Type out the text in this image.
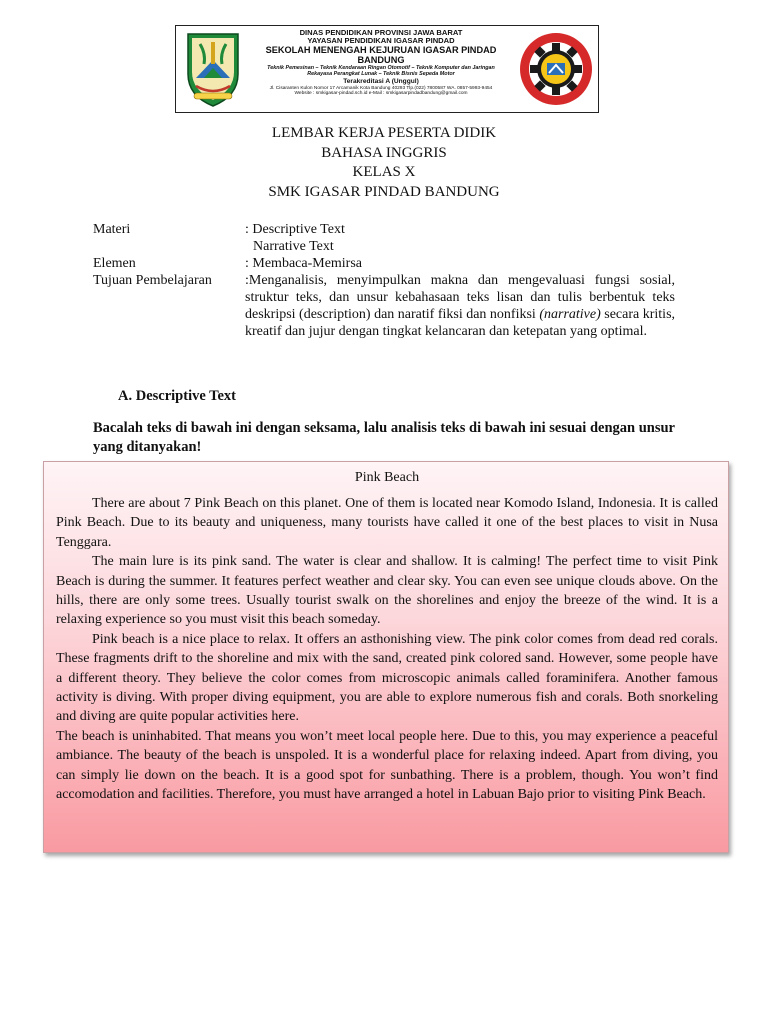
DINAS PENDIDIKAN PROVINSI JAWA BARAT
YAYASAN PENDIDIKAN IGASAR PINDAD
SEKOLAH MENENGAH KEJURUAN IGASAR PINDAD BANDUNG
Teknik Pemesinan – Teknik Kendaraan Ringan Otomotif – Teknik Komputer dan Jaringan
Rekayasa Perangkat Lunak – Teknik Bisnis Sepeda Motor
Terakreditasi A (Unggul)
Jl. Cisaranten Kulon Nomor 17 Arcamanik Kota Bandung 40293 Tlp.(022) 7800587 WA. 0857-5993-9454
Website : smkigasar-pindad.sch.id e-Mail : smkigasarpindadbandung@gmail.com
LEMBAR KERJA PESERTA DIDIK
BAHASA INGGRIS
KELAS X
SMK IGASAR PINDAD BANDUNG
Materi	: Descriptive Text
Narrative Text
Elemen	: Membaca-Memirsa
Tujuan Pembelajaran :Menganalisis, menyimpulkan makna dan mengevaluasi fungsi sosial, struktur teks, dan unsur kebahasaan teks lisan dan tulis berbentuk teks deskripsi (description) dan naratif fiksi dan nonfiksi (narrative) secara kritis, kreatif dan jujur dengan tingkat kelancaran dan ketepatan yang optimal.
A. Descriptive Text
Bacalah teks di bawah ini dengan seksama, lalu analisis teks di bawah ini sesuai dengan unsur yang ditanyakan!
Pink Beach

There are about 7 Pink Beach on this planet. One of them is located near Komodo Island, Indonesia. It is called Pink Beach. Due to its beauty and uniqueness, many tourists have called it one of the best places to visit in Nusa Tenggara.

The main lure is its pink sand. The water is clear and shallow. It is calming! The perfect time to visit Pink Beach is during the summer. It features perfect weather and clear sky. You can even see unique clouds above. On the hills, there are only some trees. Usually tourist swalk on the shorelines and enjoy the breeze of the wind. It is a relaxing experience so you must visit this beach someday.

Pink beach is a nice place to relax. It offers an asthonishing view. The pink color comes from dead red corals. These fragments drift to the shoreline and mix with the sand, created pink colored sand. However, some people have a different theory. They believe the color comes from microscopic animals called foraminifera. Another famous activity is diving. With proper diving equipment, you are able to explore numerous fish and corals. Both snorkeling and diving are quite popular activities here.

The beach is uninhabited. That means you won’t meet local people here. Due to this, you may experience a peaceful ambiance. The beauty of the beach is unspoled. It is a wonderful place for relaxing indeed. Apart from diving, you can simply lie down on the beach. It is a good spot for sunbathing. There is a problem, though. You won’t find accomodation and facilities. Therefore, you must have arranged a hotel in Labuan Bajo prior to visiting Pink Beach.
